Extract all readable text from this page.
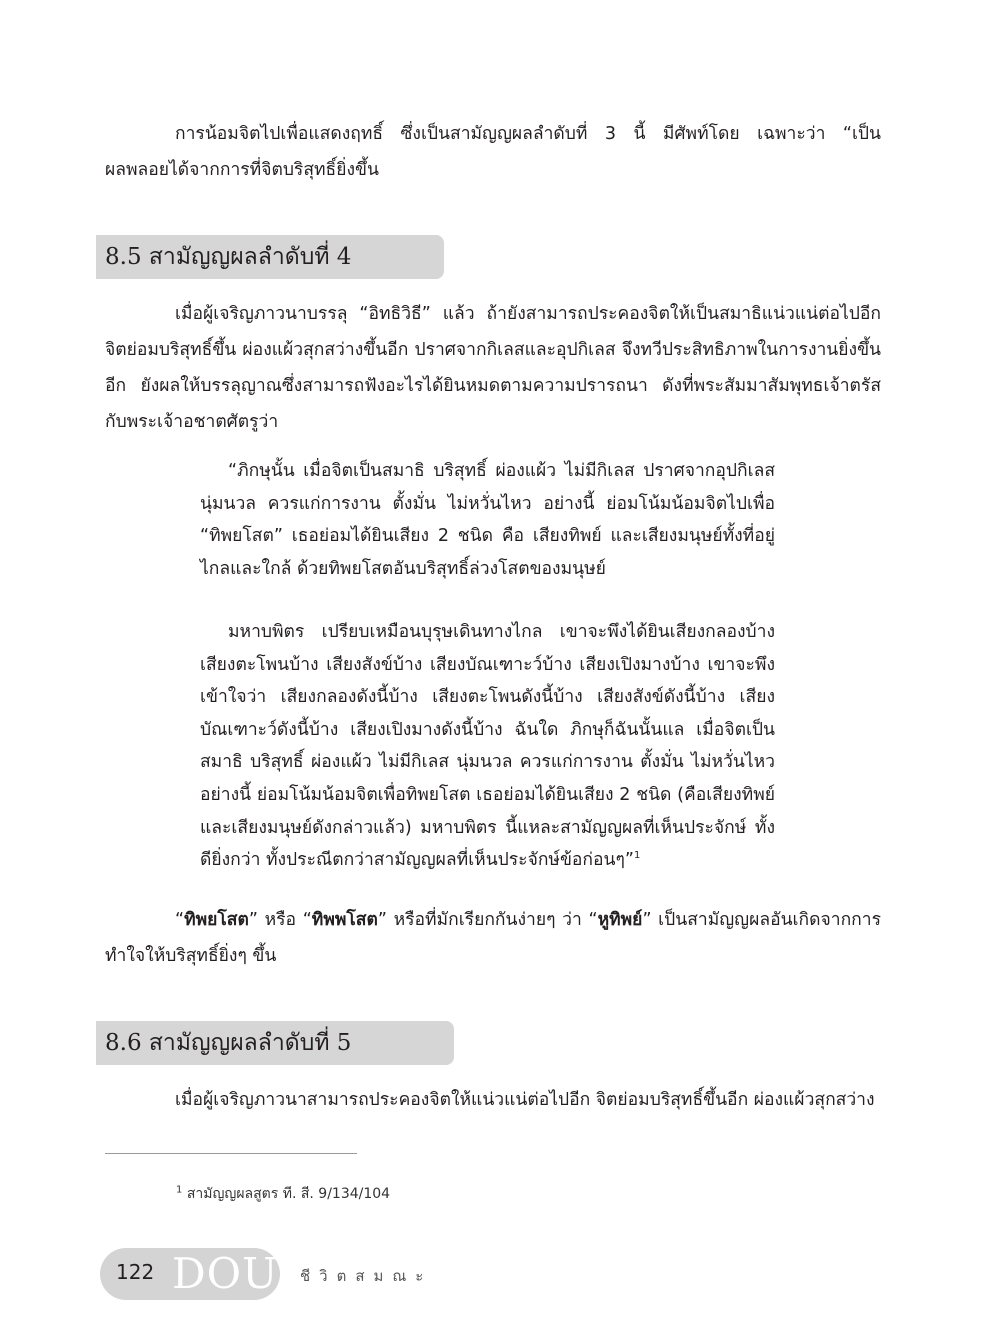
การน้อมจิตไปเพื่อแสดงฤทธิ์ ซึ่งเป็นสามัญญผลลำดับที่ 3 นี้ มีศัพท์โดย เฉพาะว่า “เป็นผลพลอยได้จากการที่จิตบริสุทธิ์ยิ่งขึ้น
8.5 สามัญญผลลำดับที่ 4
เมื่อผู้เจริญภาวนาบรรลุ “อิทธิวิธี” แล้ว ถ้ายังสามารถประคองจิตให้เป็นสมาธิแน่วแน่ต่อไปอีก จิตย่อมบริสุทธิ์ขึ้น ผ่องแผ้วสุกสว่างขึ้นอีก ปราศจากกิเลสและอุปกิเลส จึงทวีประสิทธิภาพในการงานยิ่งขึ้นอีก ยังผลให้บรรลุญาณซึ่งสามารถฟังอะไรได้ยินหมดตามความปรารถนา ดังที่พระสัมมาสัมพุทธเจ้าตรัสกับพระเจ้าอชาตศัตรูว่า
“ภิกษุนั้น เมื่อจิตเป็นสมาธิ บริสุทธิ์ ผ่องแผ้ว ไม่มีกิเลส ปราศจากอุปกิเลส นุ่มนวล ควรแก่การงาน ตั้งมั่น ไม่หวั่นไหว อย่างนี้ ย่อมโน้มน้อมจิตไปเพื่อ “ทิพยโสต” เธอย่อมได้ยินเสียง 2 ชนิด คือ เสียงทิพย์ และเสียงมนุษย์ทั้งที่อยู่ไกลและใกล้ ด้วยทิพยโสตอันบริสุทธิ์ล่วงโสตของมนุษย์
มหาบพิตร เปรียบเหมือนบุรุษเดินทางไกล เขาจะพึงได้ยินเสียงกลองบ้าง เสียงตะโพนบ้าง เสียงสังข์บ้าง เสียงบัณเฑาะว์บ้าง เสียงเปิงมางบ้าง เขาจะพึงเข้าใจว่า เสียงกลองดังนี้บ้าง เสียงตะโพนดังนี้บ้าง เสียงสังข์ดังนี้บ้าง เสียงบัณเฑาะว์ดังนี้บ้าง เสียงเปิงมางดังนี้บ้าง ฉันใด ภิกษุก็ฉันนั้นแล เมื่อจิตเป็นสมาธิ บริสุทธิ์ ผ่องแผ้ว ไม่มีกิเลส นุ่มนวล ควรแก่การงาน ตั้งมั่น ไม่หวั่นไหวอย่างนี้ ย่อมโน้มน้อมจิตเพื่อทิพยโสต เธอย่อมได้ยินเสียง 2 ชนิด (คือเสียงทิพย์และเสียงมนุษย์ดังกล่าวแล้ว) มหาบพิตร นี้แหละสามัญญผลที่เห็นประจักษ์ ทั้งดียิ่งกว่า ทั้งประณีตกว่าสามัญญผลที่เห็นประจักษ์ข้อก่อนๆ”$^1$
“ทิพยโสต” หรือ “ทิพพโสต” หรือที่มักเรียกกันง่ายๆ ว่า “หูทิพย์” เป็นสามัญญผลอันเกิดจากการทำใจให้บริสุทธิ์ยิ่งๆ ขึ้น
8.6 สามัญญผลลำดับที่ 5
เมื่อผู้เจริญภาวนาสามารถประคองจิตให้แน่วแน่ต่อไปอีก จิตย่อมบริสุทธิ์ขึ้นอีก ผ่องแผ้วสุกสว่าง
$^1$ สามัญญผลสูตร ที. สี. 9/134/104
122 DOU ชีวิตสมณะ
